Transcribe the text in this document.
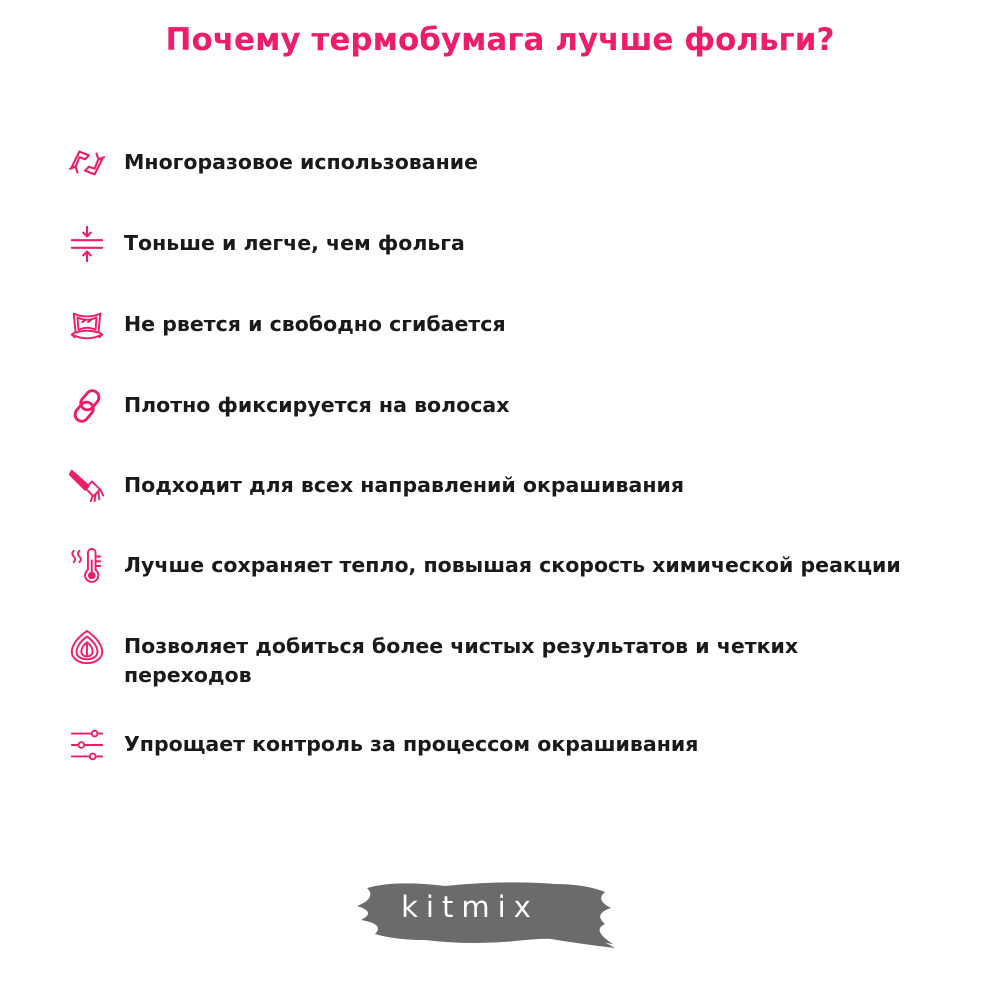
Почему термобумага лучше фольги?
Многоразовое использование
Тоньше и легче, чем фольга
Не рвется и свободно сгибается
Плотно фиксируется на волосах
Подходит для всех направлений окрашивания
Лучше сохраняет тепло, повышая скорость химической реакции
Позволяет добиться более чистых результатов и четких переходов
Упрощает контроль за процессом окрашивания
kitmix
